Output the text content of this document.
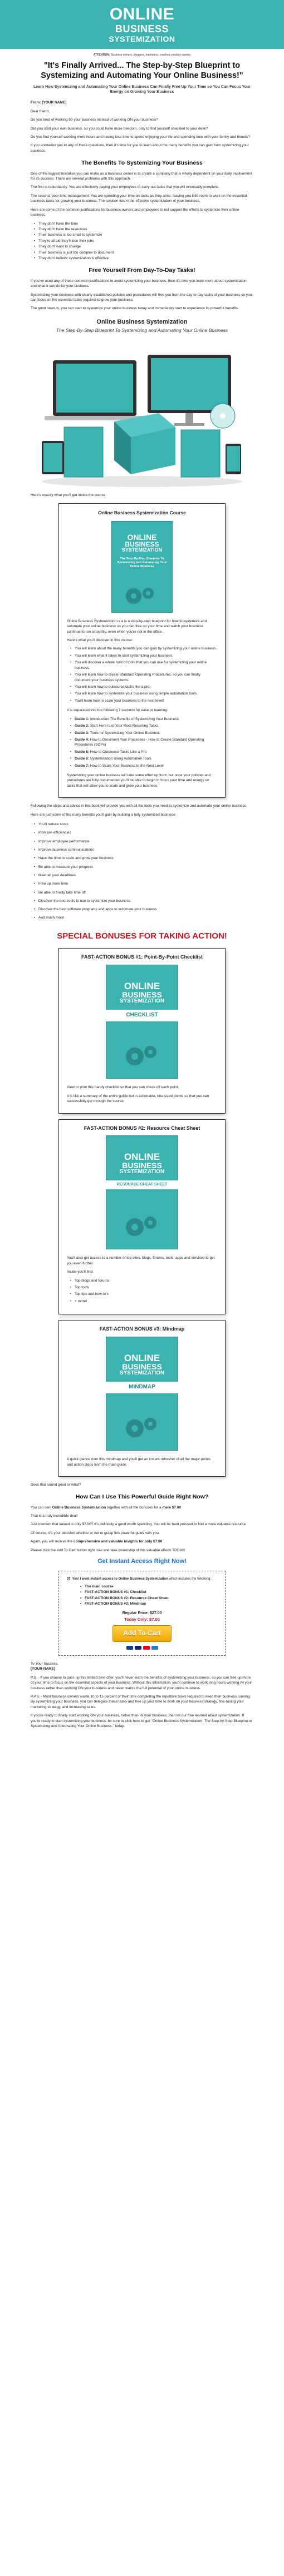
ONLINE
BUSINESS
SYSTEMIZATION
ATTENTION: Business owners, bloggers, marketers, coaches, product owners
"It's Finally Arrived... The Step-by-Step Blueprint to Systemizing and Automating Your Online Business!"
Learn How Systemizing and Automating Your Online Business Can Finally Free Up Your Time so You Can Focus Your Energy on Growing Your Business

From: [YOUR NAME]

Dear friend,

Do you tired of working 80 your business instead of working ON your business?

Did you start your own business, so you could have more freedom, only to find yourself shackled to your desk?

Do you find yourself working more hours and having less time to spend enjoying your life and spending time with your family and friends?

If you answered yes to any of these questions, then it's time for you to learn about the many benefits you can gain from systemizing your business.

The Benefits To Systemizing Your Business

One of the biggest mistakes you can make as a business owner is to create a company that is wholly dependent on your daily involvement for its success. There are several problems with this approach.

The first is redundancy. You are effectively paying your employees to carry out tasks that you will eventually complete.

The second, poor time management. You are spending your time on tasks as they arise, leaving you little room to work on the essential business tasks for growing your business. The solution lies in the effective systemization of your business.

Here are some of the common justifications for business owners and employees to not support the efforts to systemize their online business:

• They don't have the time
• They don't have the resources
• Their business is too small to systemize
• They're afraid they'll lose their jobs
• They don't want to change
• Their business is just too complex to document
• They don't believe systemization is effective
Free Yourself From Day-To-Day Tasks!

If you've used any of these common justifications to avoid systemizing your business, then it's time you learn more about systemization and what it can do for your business.

Systemizing your business with clearly established policies and procedures will free you from the day-to-day tasks of your business so you can focus on the essential tasks required to grow your business.

The good news is, you can start to systemize your online business today and immediately start to experience its powerful benefits.

Online Business Systemization
The Step-By-Step Blueprint To Systemizing and Automating Your Online Business

Here's exactly what you'll get inside the course:

Online Business Systemization Course
ONLINE
BUSINESS
SYSTEMIZATION
The Step-By-Step Blueprint To Systemizing and Automating Your Online Business

Online Business Systemization is a is a step-by-step blueprint for how to systemize and automate your online business so you can free up your time and watch your business continue to run smoothly, even when you're not in the office.

Here's what you'll discover in this course:

• You will learn about the many benefits you can gain by systemizing your online business.
• You will learn what it takes to start systemizing your business.
• You will discover a whole host of tools that you can use for systemizing your online business.
• You will learn how to create Standard Operating Procedures, so you can finally document your business systems.
• You will learn how to outsource tasks like a pro.
• You will learn how to systemize your business using simple automation tools.
• You'll learn how to scale your business to the next level!

It is separated into the following 7 sections for ease or learning:

• Guide 1: Introduction The Benefits of Systemizing Your Business
• Guide 2: Start Here! List Your Most Recurring Tasks
• Guide 3: Tools for Systemizing Your Online Business
• Guide 4: How to Document Your Processes - How to Create Standard Operating Procedures (SOPs)
• Guide 5: How to Outsource Tasks Like a Pro
• Guide 6: Systemization Using Automation Tools
• Guide 7: How to Scale Your Business to the Next Level

Systemizing your online business will take some effort up front, but once your policies and procedures are fully documented you'll be able to begin to focus your time and energy on tasks that will allow you to scale and grow your business.

Following the steps and advice in this book will provide you with all the tools you need to systemize and automate your online business.

Here are just some of the many benefits you'll gain by building a fully systemized business:

• You'll reduce costs
• Increase efficiencies
• Improve employee performance
• Improve business communications
• Have the time to scale and grow your business
• Be able to measure your progress
• Meet all your deadlines
• Free up more time
• Be able to finally take time off
• Discover the best tools to use to systemize your business
• Discover the best software programs and apps to automate your business
• And much more
SPECIAL BONUSES FOR TAKING ACTION!
FAST-ACTION BONUS #1: Point-By-Point Checklist
ONLINE
BUSINESS
SYSTEMIZATION
CHECKLIST

View or print this handy checklist so that you can check off each point.

It is like a summary of the entire guide but in actionable, bite-sized points so that you can successfully get through the course.

FAST-ACTION BONUS #2: Resource Cheat Sheet
ONLINE
BUSINESS
SYSTEMIZATION
RESOURCE CHEAT SHEET

You'll also get access to a number of top sites, blogs, forums, tools, apps and services to get you even further.

Inside you'll find:

• Top blogs and forums
• Top tools
• Top tips and how-to's
• + more!
FAST-ACTION BONUS #3: Mindmap
ONLINE
BUSINESS
SYSTEMIZATION
MINDMAP

A quick glance over this mindmap and you'll get an instant refresher of all the major points and action steps from the main guide.

Does that sound good or what?

How Can I Use This Powerful Guide Right Now?

You can own Online Business Systemization together with all the bonuses for a mere $7.00

That is a truly incredible deal!

Just mention that valued is only $7.00? It's definitely a good worth spending. You will be hard pressed to find a more valuable resource.

Of course, it's your decision whether or not to grasp this powerful guide with you.

Again, you will receive the comprehensive and valuable insights for only $7.00

Please click the Add To Cart button right now and take ownership of this valuable eBook TODAY!

Get Instant Access Right Now!
✓ Yes! I want instant access to Online Business Systemization which includes the following:
• The main course
• FAST-ACTION BONUS #1: Checklist
• FAST-ACTION BONUS #2: Resource Cheat Sheet
• FAST-ACTION BONUS #3: Mindmap
Regular Price: $27.00
Today Only: $7.00
Add To Cart

To Your Success,

[YOUR NAME]

P.S. - If you choose to pass up this limited time offer, you'll never learn the benefits of systemizing your business, so you can free up more of your time to focus on the essential aspects of your business. Without this information, you'll continue to work long hours working IN your business rather than working ON your business and never realize the full potential of your online business.

P.P.S. - Most business owners waste 10 to 15 percent of their time completing the repetitive tasks required to keep their business running. By systemizing your business, you can delegate these tasks and free up your time to work on your business strategy, fine-tuning your marketing strategy, and increasing sales.

If you're ready to finally start working ON your business, rather than IN your business, then let our free learned about systemization. If you're ready to start systemizing your business, be sure to click here to get "Online Business Systemization: The Step-by-Step Blueprint to Systemizing and Automating Your Online Business." today.
